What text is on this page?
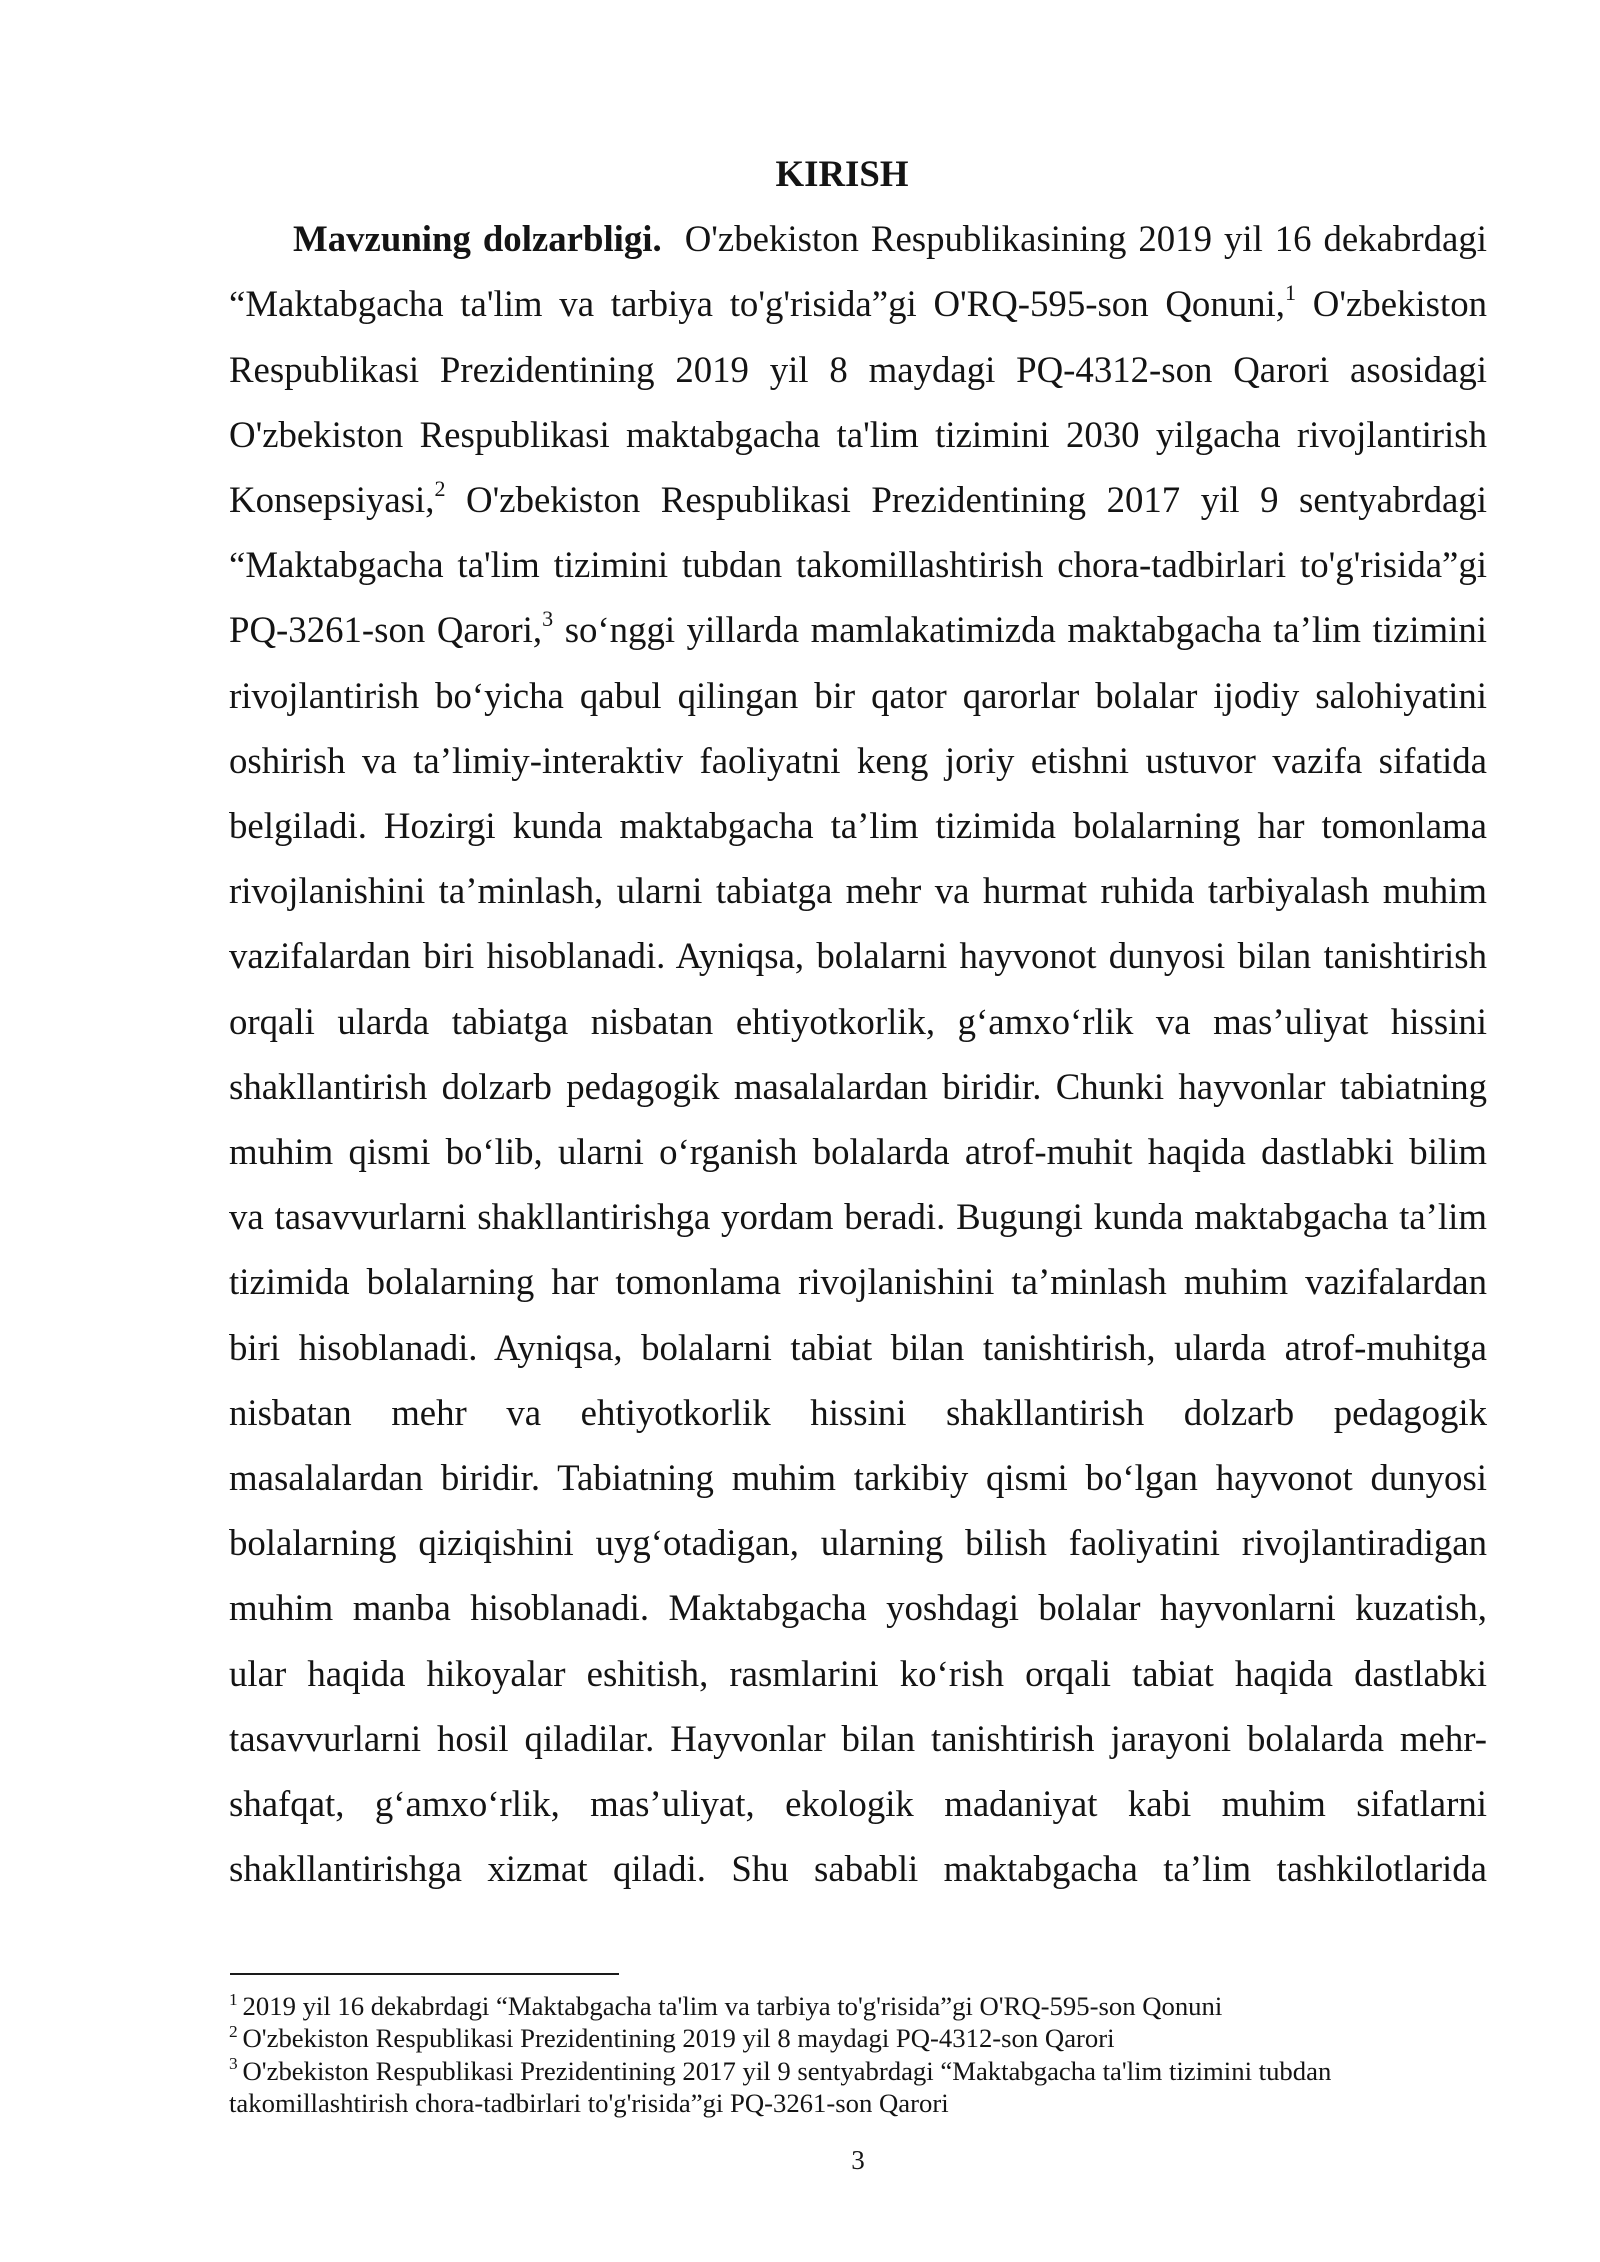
KIRISH
Mavzuning dolzarbligi. O'zbekiston Respublikasining 2019 yil 16 dekabrdagi
“Maktabgacha ta'lim va tarbiya to'g'risida”gi O'RQ-595-son Qonuni,$^1$ O'zbekiston
Respublikasi Prezidentining 2019 yil 8 maydagi PQ-4312-son Qarori asosidagi
O'zbekiston Respublikasi maktabgacha ta'lim tizimini 2030 yilgacha rivojlantirish
Konsepsiyasi,$^2$ O'zbekiston Respublikasi Prezidentining 2017 yil 9 sentyabrdagi
“Maktabgacha ta'lim tizimini tubdan takomillashtirish chora-tadbirlari to'g'risida”gi
PQ-3261-son Qarori,$^3$ so‘nggi yillarda mamlakatimizda maktabgacha ta’lim tizimini
rivojlantirish bo‘yicha qabul qilingan bir qator qarorlar bolalar ijodiy salohiyatini
oshirish va ta’limiy-interaktiv faoliyatni keng joriy etishni ustuvor vazifa sifatida
belgiladi. Hozirgi kunda maktabgacha ta’lim tizimida bolalarning har tomonlama
rivojlanishini ta’minlash, ularni tabiatga mehr va hurmat ruhida tarbiyalash muhim
vazifalardan biri hisoblanadi. Ayniqsa, bolalarni hayvonot dunyosi bilan tanishtirish
orqali ularda tabiatga nisbatan ehtiyotkorlik, g‘amxo‘rlik va mas’uliyat hissini
shakllantirish dolzarb pedagogik masalalardan biridir. Chunki hayvonlar tabiatning
muhim qismi bo‘lib, ularni o‘rganish bolalarda atrof-muhit haqida dastlabki bilim
va tasavvurlarni shakllantirishga yordam beradi. Bugungi kunda maktabgacha ta’lim
tizimida bolalarning har tomonlama rivojlanishini ta’minlash muhim vazifalardan
biri hisoblanadi. Ayniqsa, bolalarni tabiat bilan tanishtirish, ularda atrof-muhitga
nisbatan mehr va ehtiyotkorlik hissini shakllantirish dolzarb pedagogik
masalalardan biridir. Tabiatning muhim tarkibiy qismi bo‘lgan hayvonot dunyosi
bolalarning qiziqishini uyg‘otadigan, ularning bilish faoliyatini rivojlantiradigan
muhim manba hisoblanadi. Maktabgacha yoshdagi bolalar hayvonlarni kuzatish,
ular haqida hikoyalar eshitish, rasmlarini ko‘rish orqali tabiat haqida dastlabki
tasavvurlarni hosil qiladilar. Hayvonlar bilan tanishtirish jarayoni bolalarda mehr-
shafqat, g‘amxo‘rlik, mas’uliyat, ekologik madaniyat kabi muhim sifatlarni
shakllantirishga xizmat qiladi. Shu sababli maktabgacha ta’lim tashkilotlarida
$^1$ 2019 yil 16 dekabrdagi “Maktabgacha ta'lim va tarbiya to'g'risida”gi O'RQ-595-son Qonuni
$^2$ O'zbekiston Respublikasi Prezidentining 2019 yil 8 maydagi PQ-4312-son Qarori
$^3$ O'zbekiston Respublikasi Prezidentining 2017 yil 9 sentyabrdagi “Maktabgacha ta'lim tizimini tubdan
takomillashtirish chora-tadbirlari to'g'risida”gi PQ-3261-son Qarori
3
